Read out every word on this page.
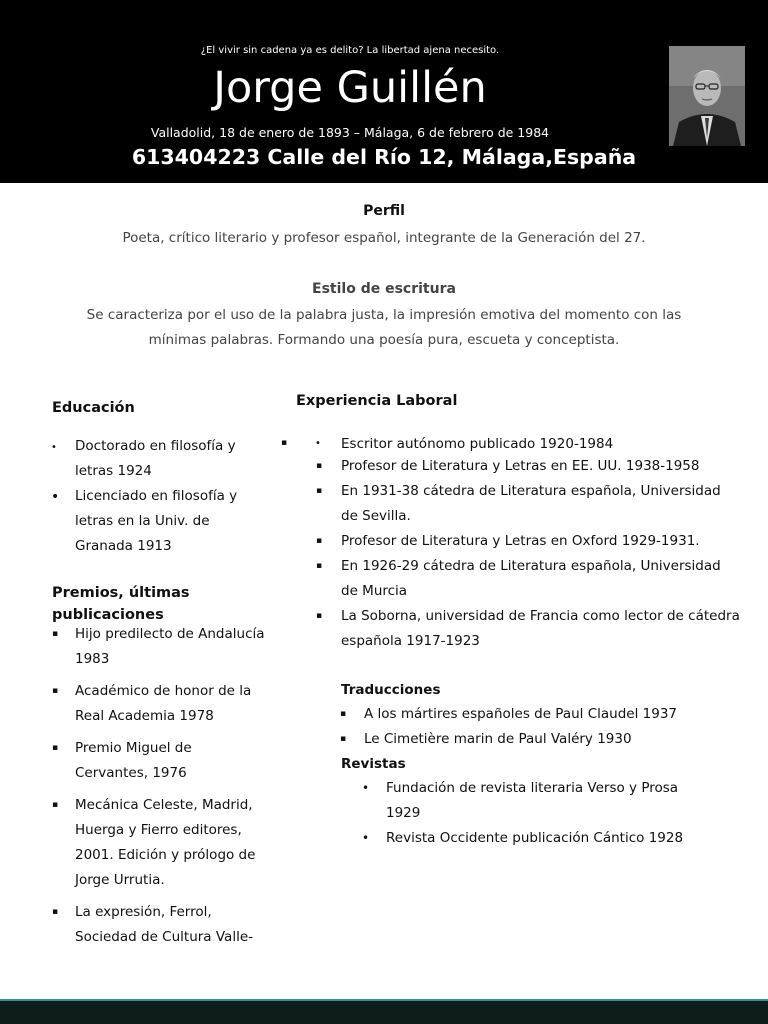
¿El vivir sin cadena ya es delito? La libertad ajena necesito.
Jorge Guillén
Valladolid, 18 de enero de 1893 – Málaga, 6 de febrero de 1984
613404223 Calle del Río 12, Málaga,España
Perfil
Poeta, crítico literario y profesor español, integrante de la Generación del 27.
Estilo de escritura
Se caracteriza por el uso de la palabra justa, la impresión emotiva del momento con las mínimas palabras. Formando una poesía pura, escueta y conceptista.
Educación
• Doctorado en filosofía y letras 1924
• Licenciado en filosofía y letras en la Univ. de Granada 1913
Premios, últimas publicaciones
▪ Hijo predilecto de Andalucía 1983
▪ Académico de honor de la Real Academia 1978
▪ Premio Miguel de Cervantes, 1976
▪ Mecánica Celeste, Madrid, Huerga y Fierro editores, 2001. Edición y prólogo de Jorge Urrutia.
▪ La expresión, Ferrol, Sociedad de Cultura Valle-
Experiencia Laboral
▪	• Escritor autónomo publicado 1920-1984
▪ Profesor de Literatura y Letras en EE. UU. 1938-1958
▪ En 1931-38 cátedra de Literatura española, Universidad de Sevilla.
▪ Profesor de Literatura y Letras en Oxford 1929-1931.
▪ En 1926-29 cátedra de Literatura española, Universidad de Murcia
▪ La Soborna, universidad de Francia como lector de cátedra española 1917-1923
Traducciones
▪ A los mártires españoles de Paul Claudel 1937
▪ Le Cimetière marin de Paul Valéry 1930
Revistas
• Fundación de revista literaria Verso y Prosa 1929
• Revista Occidente publicación Cántico 1928
